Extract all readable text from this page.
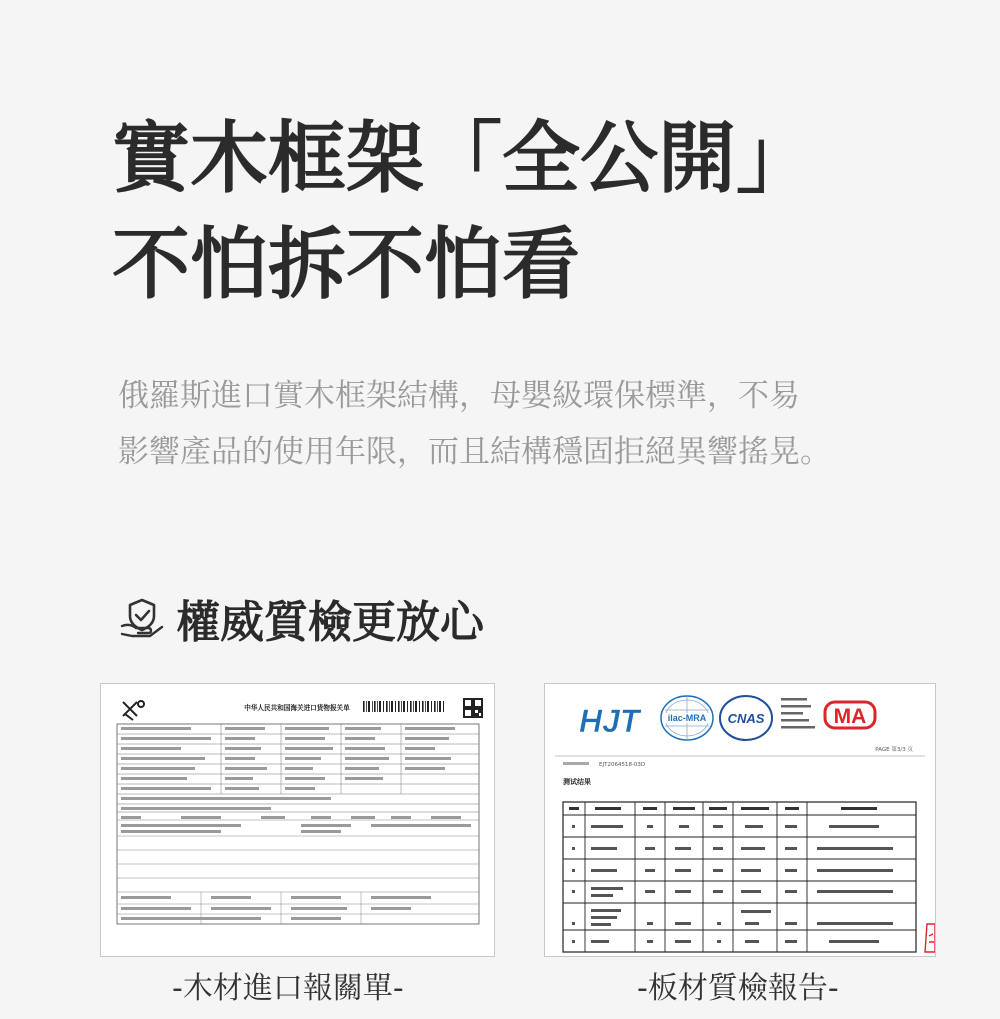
實木框架「全公開」
不怕拆不怕看

俄羅斯進口實木框架結構，母嬰級環保標準，不易

影響產品的使用年限，而且結構穩固拒絕異響搖晃。

權威質檢更放心
中华人民共和国海关进口货物报关单	HJT	ilac-MRA CNAS	MA
PAGE 第3/3 页
EJT2064518-03D
测试结果
-木材進口報關單-	-板材質檢報告-
